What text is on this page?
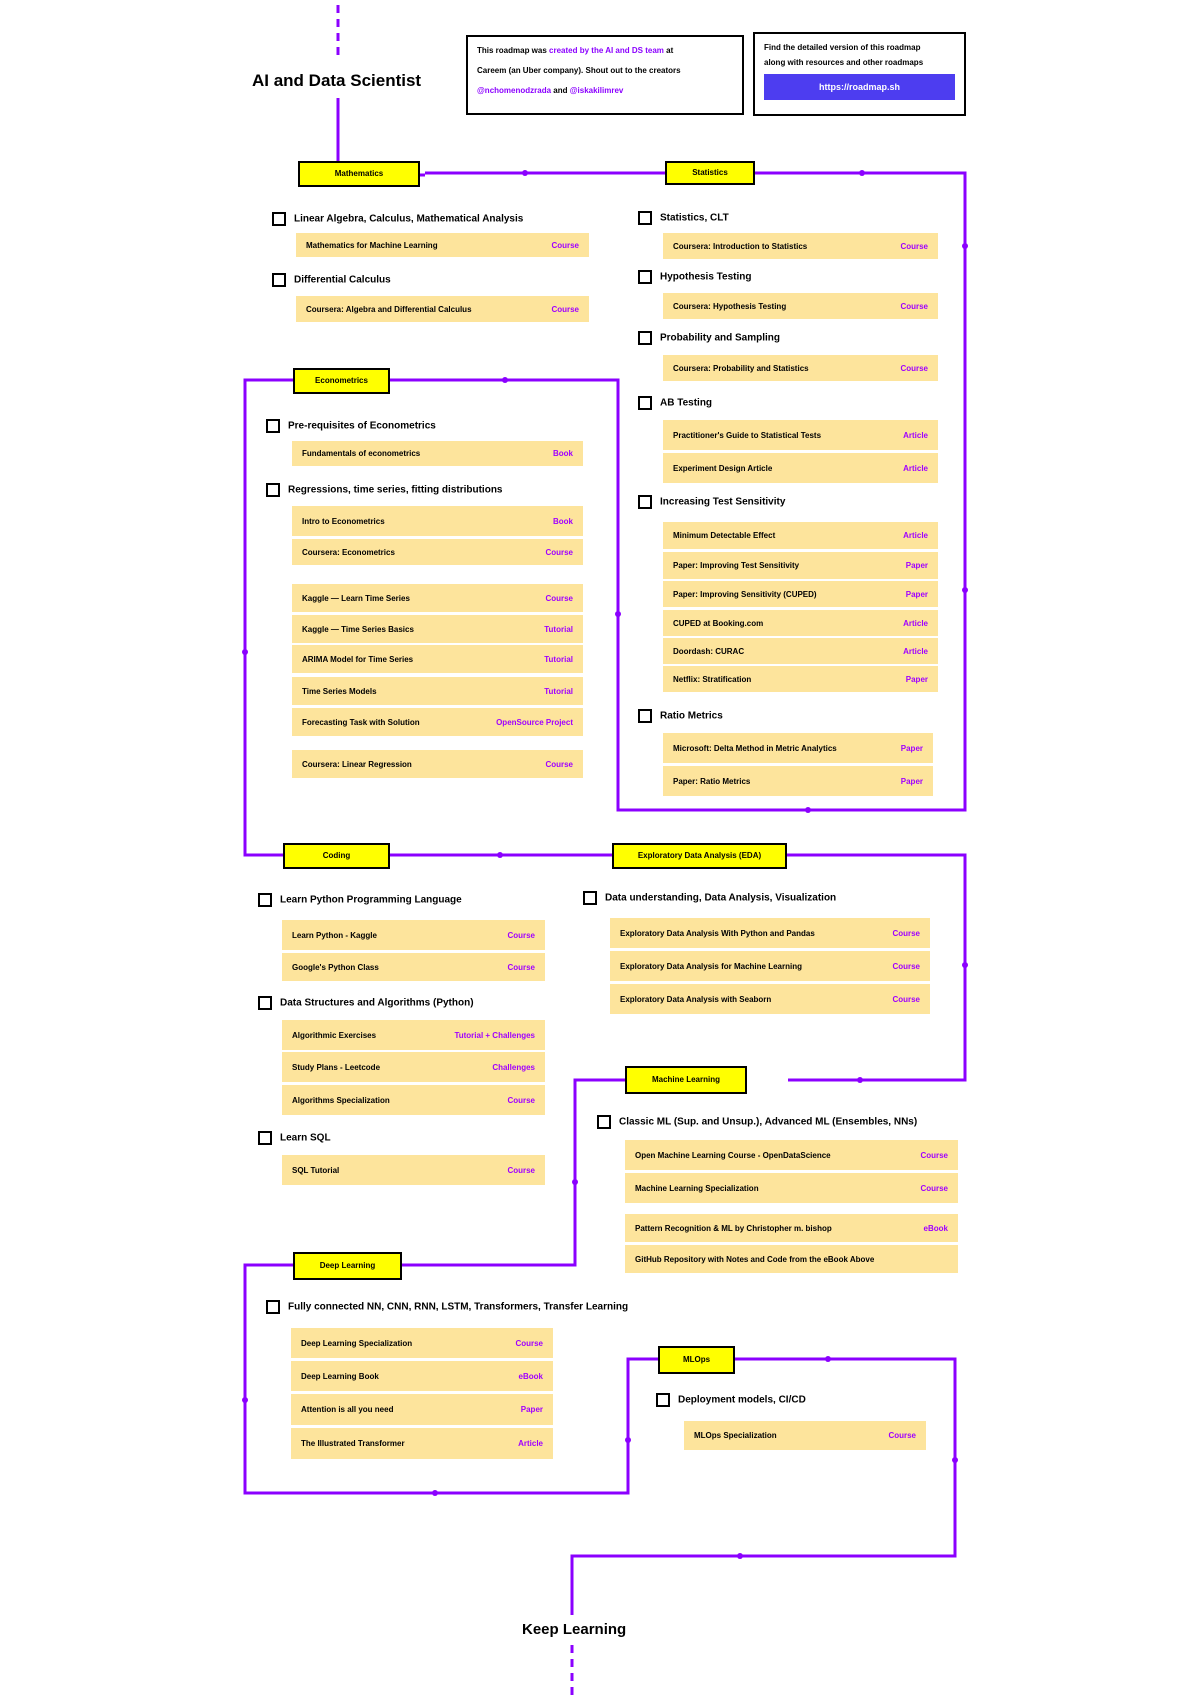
AI and Data Scientist
This roadmap was created by the AI and DS team at
Careem (an Uber company). Shout out to the creators
@nchomenodzrada and @iskakilimrev
Find the detailed version of this roadmap
along with resources and other roadmaps
https://roadmap.sh
Mathematics
Linear Algebra, Calculus, Mathematical Analysis
Mathematics for Machine Learning	Course
Differential Calculus
Coursera: Algebra and Differential Calculus	Course
Statistics
Statistics, CLT
Coursera: Introduction to Statistics	Course
Hypothesis Testing
Coursera: Hypothesis Testing	Course
Probability and Sampling
Coursera: Probability and Statistics	Course
AB Testing
Practitioner's Guide to Statistical Tests	Article
Experiment Design Article	Article
Increasing Test Sensitivity
Minimum Detectable Effect	Article
Paper: Improving Test Sensitivity	Paper
Paper: Improving Sensitivity (CUPED)	Paper
CUPED at Booking.com	Article
Doordash: CURAC	Article
Netflix: Stratification	Paper
Ratio Metrics
Microsoft: Delta Method in Metric Analytics	Paper
Paper: Ratio Metrics	Paper
Econometrics
Pre-requisites of Econometrics
Fundamentals of econometrics	Book
Regressions, time series, fitting distributions
Intro to Econometrics	Book
Coursera: Econometrics	Course
Kaggle — Learn Time Series	Course
Kaggle — Time Series Basics	Tutorial
ARIMA Model for Time Series	Tutorial
Time Series Models	Tutorial
Forecasting Task with Solution	OpenSource Project
Coursera: Linear Regression	Course
Coding
Learn Python Programming Language
Learn Python - Kaggle	Course
Google's Python Class	Course
Data Structures and Algorithms (Python)
Algorithmic Exercises	Tutorial + Challenges
Study Plans - Leetcode	Challenges
Algorithms Specialization	Course
Learn SQL
SQL Tutorial	Course
Exploratory Data Analysis (EDA)
Data understanding, Data Analysis, Visualization
Exploratory Data Analysis With Python and Pandas	Course
Exploratory Data Analysis for Machine Learning	Course
Exploratory Data Analysis with Seaborn	Course
Machine Learning
Classic ML (Sup. and Unsup.), Advanced ML (Ensembles, NNs)
Open Machine Learning Course - OpenDataScience	Course
Machine Learning Specialization	Course
Pattern Recognition & ML by Christopher m. bishop	eBook
GitHub Repository with Notes and Code from the eBook Above
Deep Learning
Fully connected NN, CNN, RNN, LSTM, Transformers, Transfer Learning
Deep Learning Specialization	Course
Deep Learning Book	eBook
Attention is all you need	Paper
The Illustrated Transformer	Article
MLOps
Deployment models, CI/CD
MLOps Specialization	Course
Keep Learning
